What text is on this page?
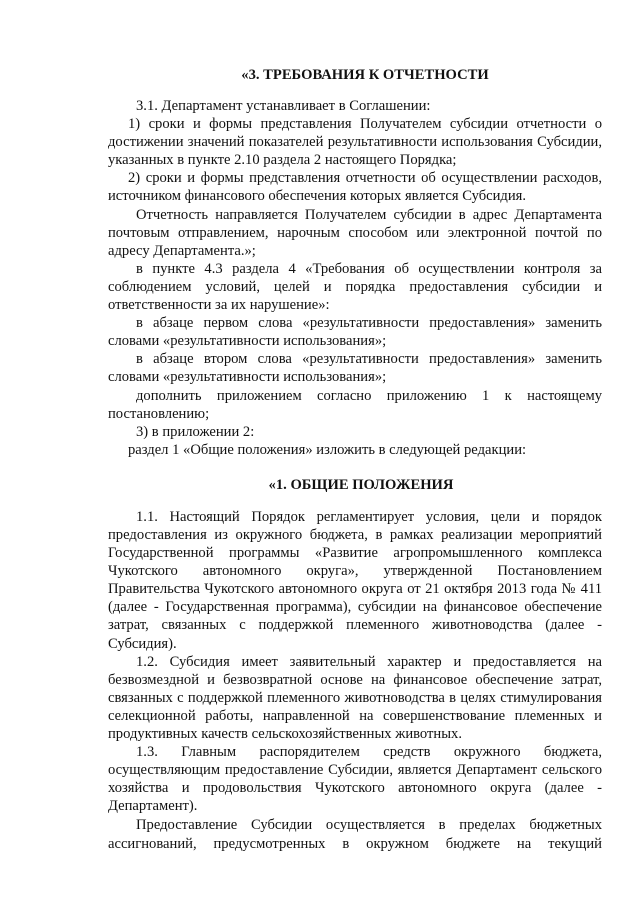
«3. ТРЕБОВАНИЯ К ОТЧЕТНОСТИ

3.1. Департамент устанавливает в Соглашении:

1) сроки и формы представления Получателем субсидии отчетности о достижении значений показателей результативности использования Субсидии, указанных в пункте 2.10 раздела 2 настоящего Порядка;

2) сроки и формы представления отчетности об осуществлении расходов, источником финансового обеспечения которых является Субсидия.

Отчетность направляется Получателем субсидии в адрес Департамента почтовым отправлением, нарочным способом или электронной почтой по адресу Департамента.»;

в пункте 4.3 раздела 4 «Требования об осуществлении контроля за соблюдением условий, целей и порядка предоставления субсидии и ответственности за их нарушение»:

в абзаце первом слова «результативности предоставления» заменить словами «результативности использования»;

в абзаце втором слова «результативности предоставления» заменить словами «результативности использования»;

дополнить приложением согласно приложению 1 к настоящему постановлению;

3) в приложении 2:

раздел 1 «Общие положения» изложить в следующей редакции:

«1. ОБЩИЕ ПОЛОЖЕНИЯ

1.1. Настоящий Порядок регламентирует условия, цели и порядок предоставления из окружного бюджета, в рамках реализации мероприятий Государственной программы «Развитие агропромышленного комплекса Чукотского автономного округа», утвержденной Постановлением Правительства Чукотского автономного округа от 21 октября 2013 года № 411 (далее - Государственная программа), субсидии на финансовое обеспечение затрат, связанных с поддержкой племенного животноводства (далее - Субсидия).

1.2. Субсидия имеет заявительный характер и предоставляется на безвозмездной и безвозвратной основе на финансовое обеспечение затрат, связанных с поддержкой племенного животноводства в целях стимулирования селекционной работы, направленной на совершенствование племенных и продуктивных качеств сельскохозяйственных животных.

1.3. Главным распорядителем средств окружного бюджета, осуществляющим предоставление Субсидии, является Департамент сельского хозяйства и продовольствия Чукотского автономного округа (далее - Департамент).

Предоставление Субсидии осуществляется в пределах бюджетных ассигнований, предусмотренных в окружном бюджете на текущий
